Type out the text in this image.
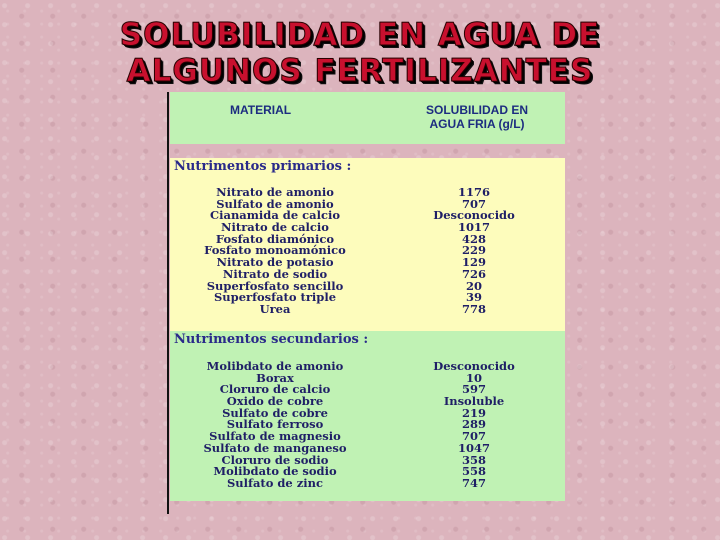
SOLUBILIDAD EN AGUA DE
ALGUNOS FERTILIZANTES
MATERIAL	SOLUBILIDAD EN
AGUA FRIA (g/L)
Nutrimentos primarios :
Nitrato de amonio	1176
Sulfato de amonio	707
Cianamida de calcio	Desconocido
Nitrato de calcio	1017
Fosfato diamónico	428
Fosfato monoamónico	229
Nitrato de potasio	129
Nitrato de sodio	726
Superfosfato sencillo	20
Superfosfato triple	39
Urea	778
Nutrimentos secundarios :
Molibdato de amonio	Desconocido
Borax	10
Cloruro de calcio	597
Oxido de cobre	Insoluble
Sulfato de cobre	219
Sulfato ferroso	289
Sulfato de magnesio	707
Sulfato de manganeso	1047
Cloruro de sodio	358
Molibdato de sodio	558
Sulfato de zinc	747
